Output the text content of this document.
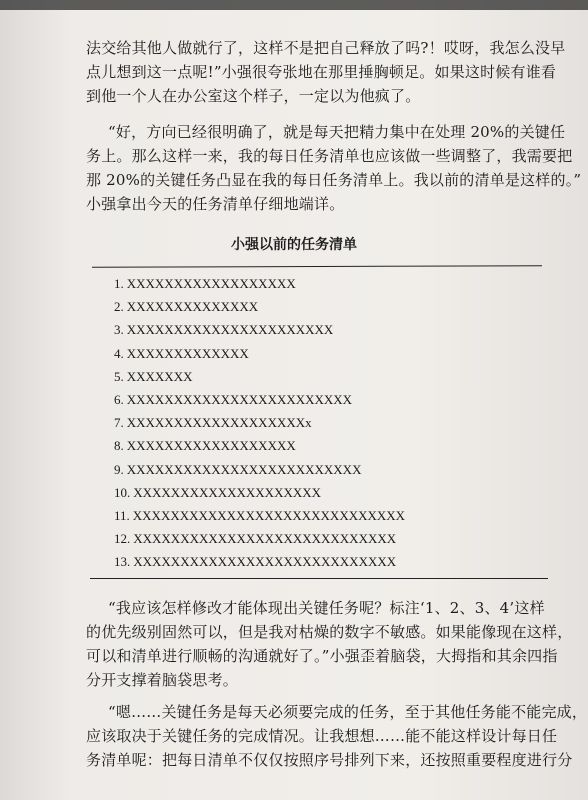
法交给其他人做就行了，这样不是把自己释放了吗?！哎呀，我怎么没早
点儿想到这一点呢!”小强很夸张地在那里捶胸顿足。如果这时候有谁看
到他一个人在办公室这个样子，一定以为他疯了。
“好，方向已经很明确了，就是每天把精力集中在处理 20%的关键任
务上。那么这样一来，我的每日任务清单也应该做一些调整了，我需要把
那 20%的关键任务凸显在我的每日任务清单上。我以前的清单是这样的。”
小强拿出今天的任务清单仔细地端详。
小强以前的任务清单
1. XXXXXXXXXXXXXXXXXX
2. XXXXXXXXXXXXXX
3. XXXXXXXXXXXXXXXXXXXXXX
4. XXXXXXXXXXXXX
5. XXXXXXX
6. XXXXXXXXXXXXXXXXXXXXXXXX
7. XXXXXXXXXXXXXXXXXXXx
8. XXXXXXXXXXXXXXXXXX
9. XXXXXXXXXXXXXXXXXXXXXXXXX
10. XXXXXXXXXXXXXXXXXXXX
11. XXXXXXXXXXXXXXXXXXXXXXXXXXXXX
12. XXXXXXXXXXXXXXXXXXXXXXXXXXXX
13. XXXXXXXXXXXXXXXXXXXXXXXXXXXX
“我应该怎样修改才能体现出关键任务呢？标注‘1、2、3、4’这样
的优先级别固然可以，但是我对枯燥的数字不敏感。如果能像现在这样，
可以和清单进行顺畅的沟通就好了。”小强歪着脑袋，大拇指和其余四指
分开支撑着脑袋思考。
“嗯……关键任务是每天必须要完成的任务，至于其他任务能不能完成，
应该取决于关键任务的完成情况。让我想想……能不能这样设计每日任
务清单呢：把每日清单不仅仅按照序号排列下来，还按照重要程度进行分
